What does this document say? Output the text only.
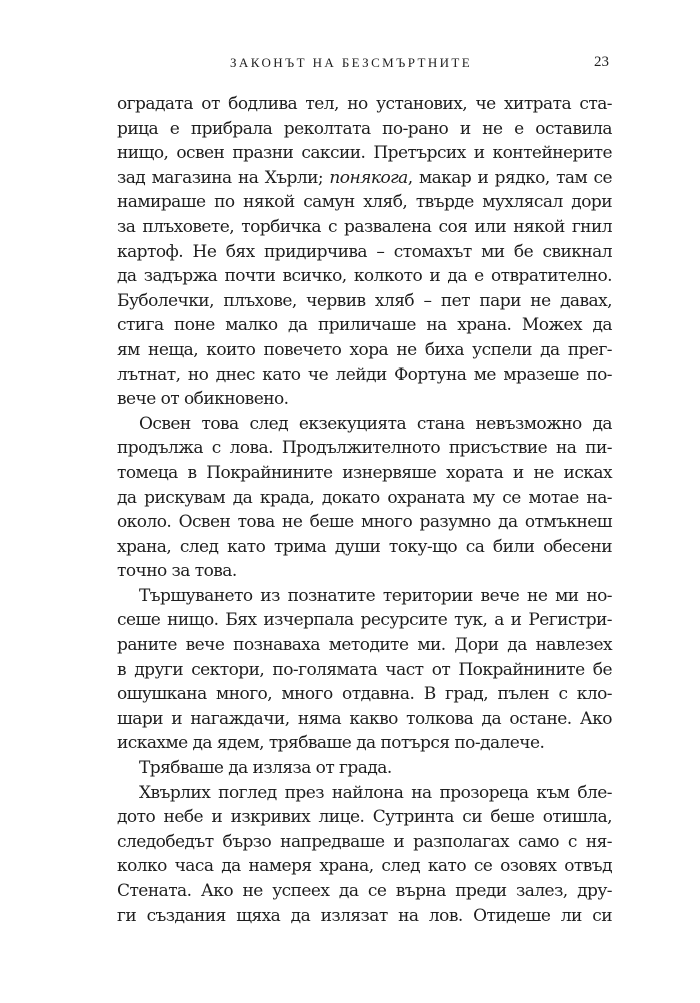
ЗАКОНЪТ НА БЕЗСМЪРТНИТЕ	23
оградата от бодлива тел, но установих, че хитрата ста-
рица е прибрала реколтата по-рано и не е оставила
нищо, освен празни саксии. Претърсих и контейнерите
зад магазина на Хърли; понякога, макар и рядко, там се
намираше по някой самун хляб, твърде мухлясал дори
за плъховете, торбичка с развалена соя или някой гнил
картоф. Не бях придирчива – стомахът ми бе свикнал
да задържа почти всичко, колкото и да е отвратително.
Буболечки, плъхове, червив хляб – пет пари не давах,
стига поне малко да приличаше на храна. Можех да
ям неща, които повечето хора не биха успели да прег-
лътнат, но днес като че лейди Фортуна ме мразеше по-
вече от обикновено.
Освен това след екзекуцията стана невъзможно да
продължа с лова. Продължителното присъствие на пи-
томеца в Покрайнините изнервяше хората и не исках
да рискувам да крада, докато охраната му се мотае на-
около. Освен това не беше много разумно да отмъкнеш
храна, след като трима души току-що са били обесени
точно за това.
Тършуването из познатите територии вече не ми но-
сеше нищо. Бях изчерпала ресурсите тук, а и Регистри-
раните вече познаваха методите ми. Дори да навлезех
в други сектори, по-голямата част от Покрайнините бе
ошушкана много, много отдавна. В град, пълен с кло-
шари и нагаждачи, няма какво толкова да остане. Ако
искахме да ядем, трябваше да потърся по-далече.
Трябваше да изляза от града.
Хвърлих поглед през найлона на прозореца към бле-
дото небе и изкривих лице. Сутринта си беше отишла,
следобедът бързо напредваше и разполагах само с ня-
колко часа да намеря храна, след като се озовях отвъд
Стената. Ако не успеех да се върна преди залез, дру-
ги създания щяха да излязат на лов. Отидеше ли си
